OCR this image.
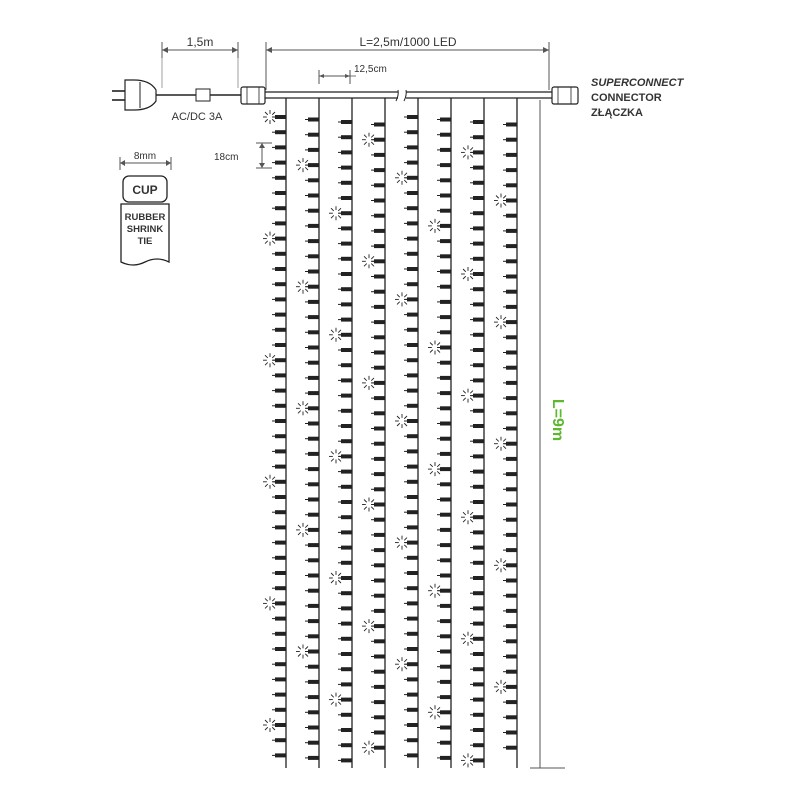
1,5m	L=2,5m/1000 LED
12,5cm
AC/DC 3A
SUPERCONNECT
CONNECTOR
ZŁĄCZKA
L=9m
18cm
8mm
CUP
RUBBER
SHRINK
TIE
